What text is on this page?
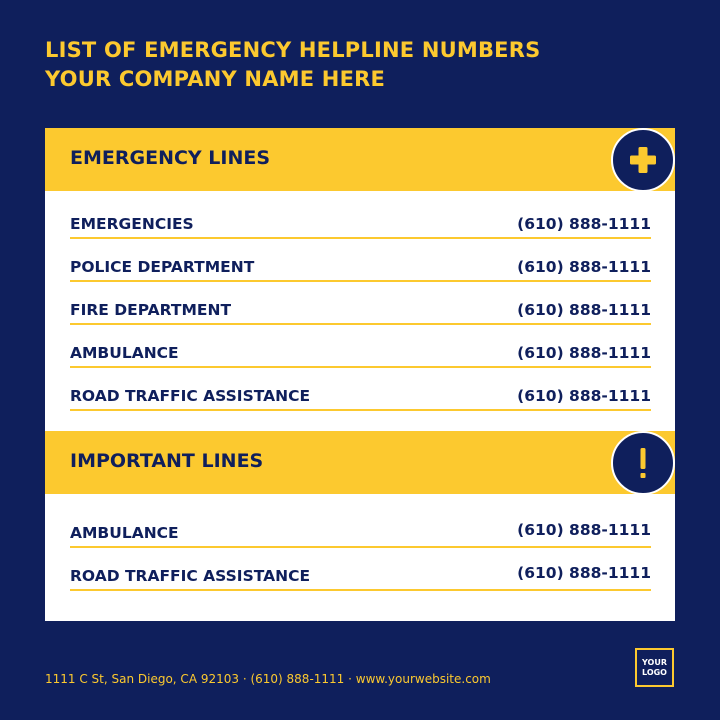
LIST OF EMERGENCY HELPLINE NUMBERS
YOUR COMPANY NAME HERE
EMERGENCY LINES
EMERGENCIES	(610) 888-1111
POLICE DEPARTMENT	(610) 888-1111
FIRE DEPARTMENT	(610) 888-1111
AMBULANCE	(610) 888-1111
ROAD TRAFFIC ASSISTANCE	(610) 888-1111
IMPORTANT LINES
AMBULANCE	(610) 888-1111
ROAD TRAFFIC ASSISTANCE	(610) 888-1111
1111 C St, San Diego, CA 92103 · (610) 888-1111 · www.yourwebsite.com
YOUR
LOGO
